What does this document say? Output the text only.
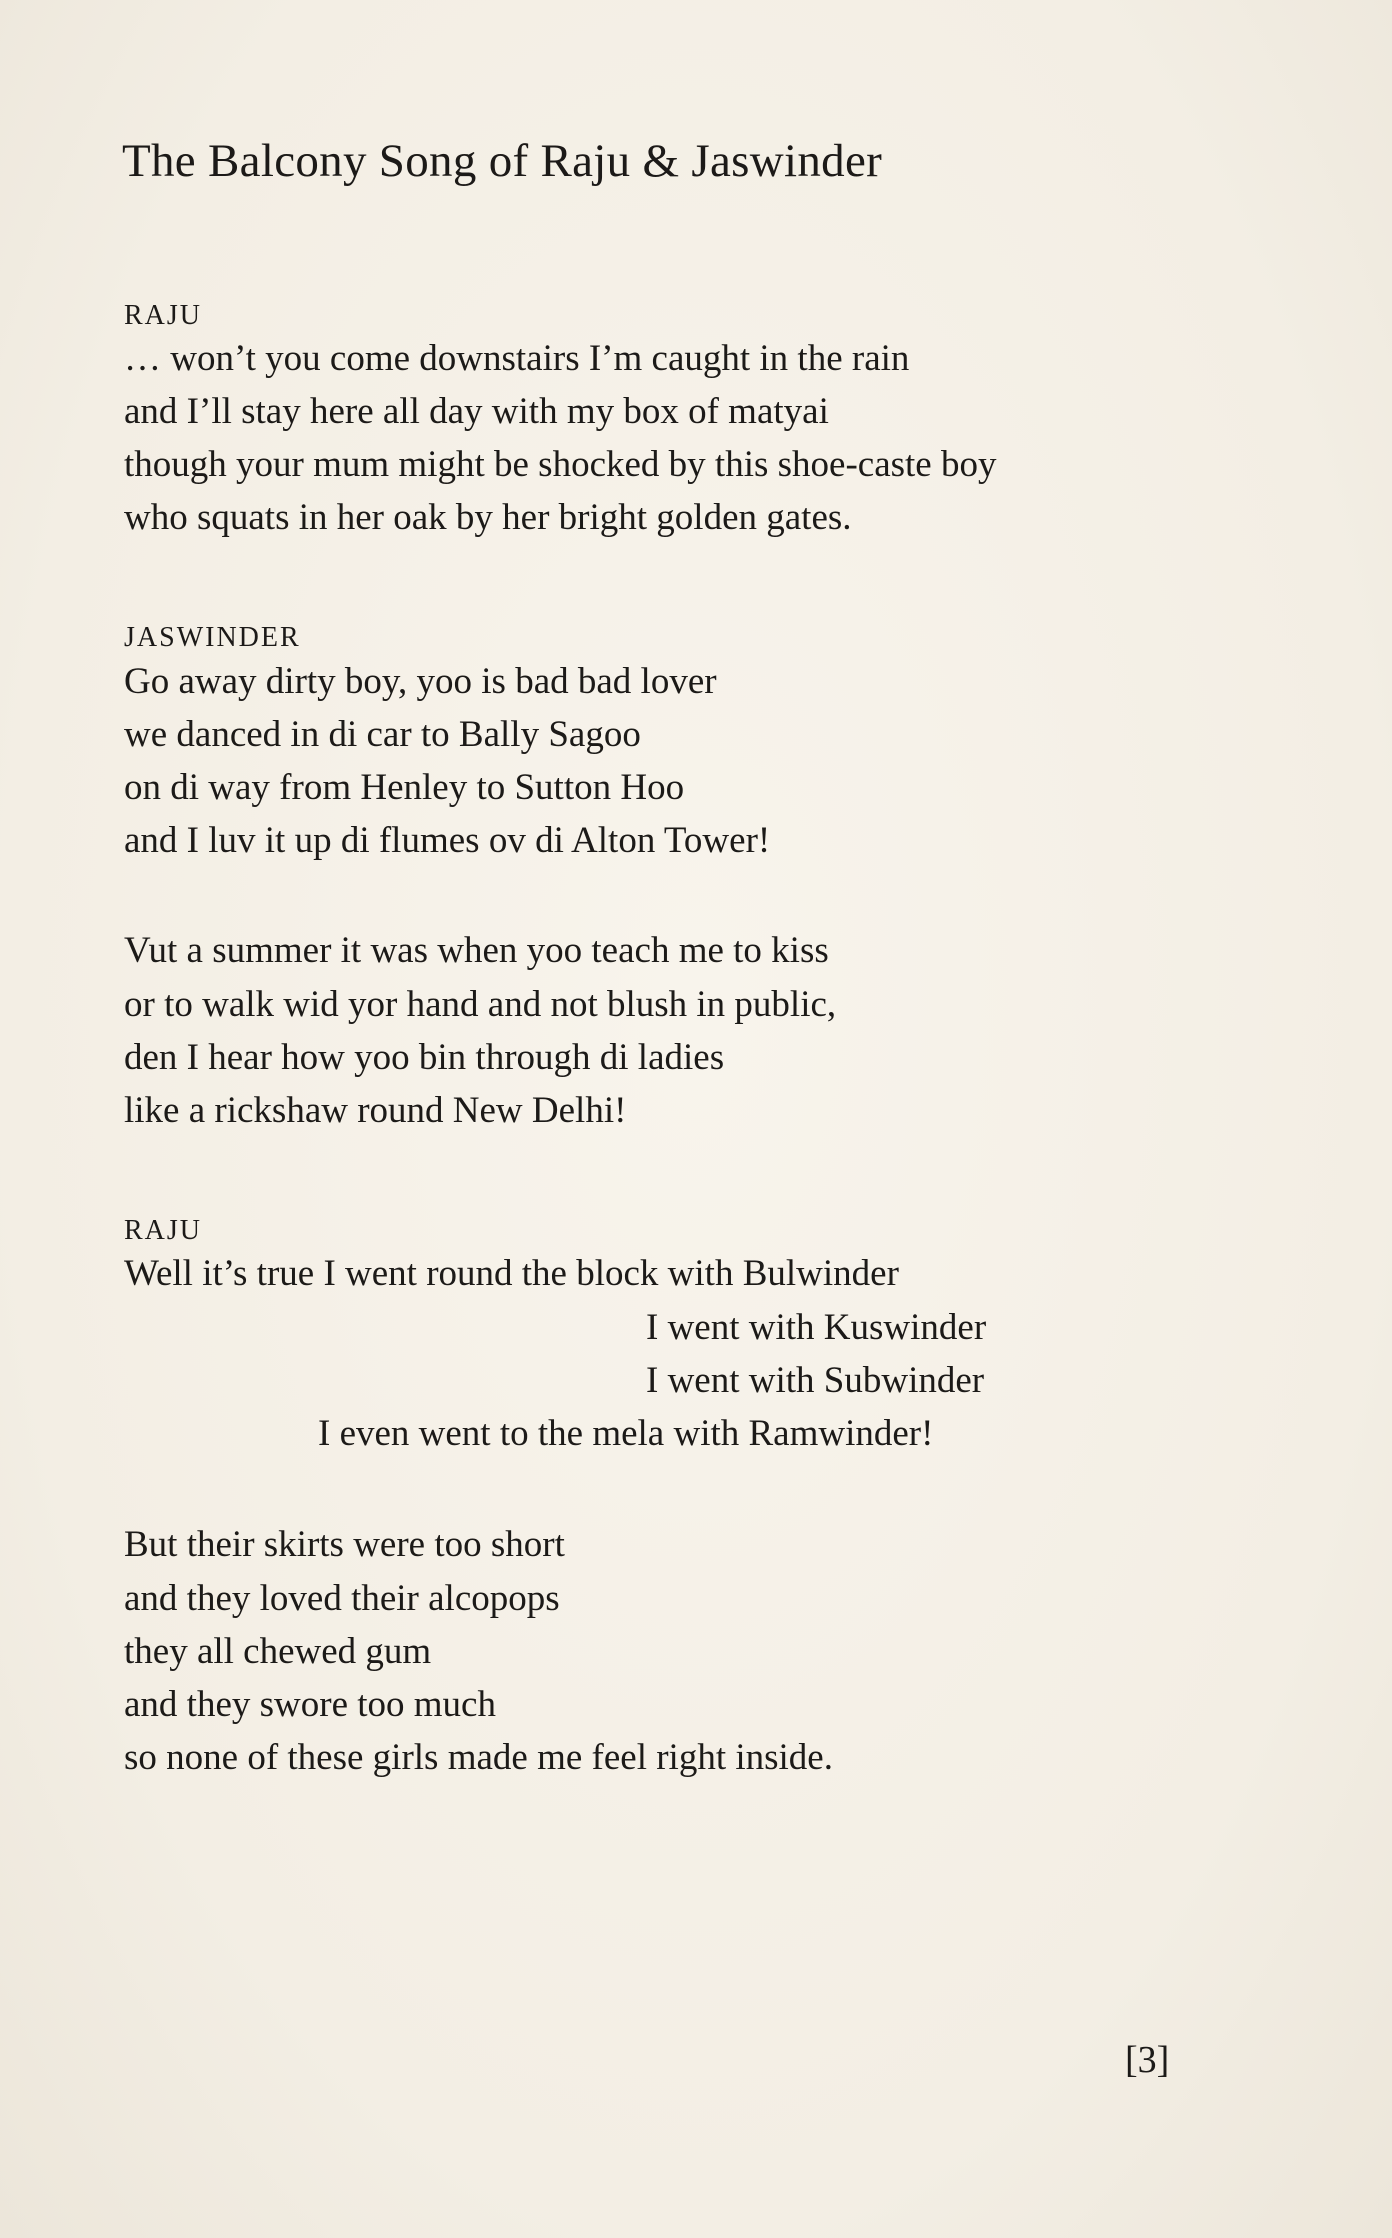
The Balcony Song of Raju & Jaswinder
RAJU
… won’t you come downstairs I’m caught in the rain
and I’ll stay here all day with my box of matyai
though your mum might be shocked by this shoe-caste boy
who squats in her oak by her bright golden gates.
JASWINDER
Go away dirty boy, yoo is bad bad lover
we danced in di car to Bally Sagoo
on di way from Henley to Sutton Hoo
and I luv it up di flumes ov di Alton Tower!
Vut a summer it was when yoo teach me to kiss
or to walk wid yor hand and not blush in public,
den I hear how yoo bin through di ladies
like a rickshaw round New Delhi!
RAJU
Well it’s true I went round the block with Bulwinder
I went with Kuswinder
I went with Subwinder
I even went to the mela with Ramwinder!
But their skirts were too short
and they loved their alcopops
they all chewed gum
and they swore too much
so none of these girls made me feel right inside.
[3]
